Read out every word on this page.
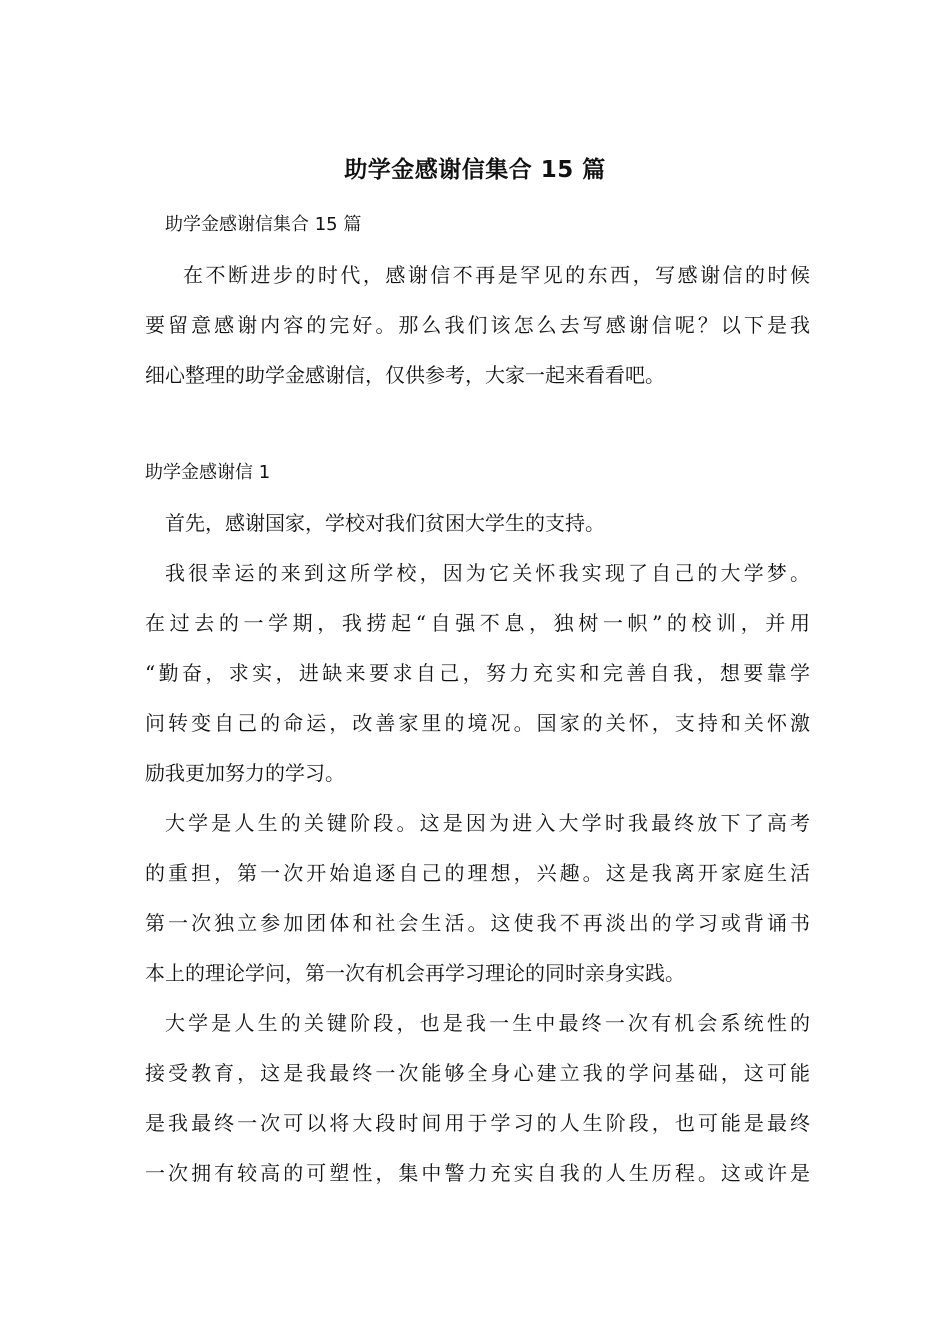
助学金感谢信集合 15 篇
助学金感谢信集合 15 篇
在不断进步的时代，感谢信不再是罕见的东西，写感谢信的时候
要留意感谢内容的完好。那么我们该怎么去写感谢信呢？以下是我
细心整理的助学金感谢信，仅供参考，大家一起来看看吧。
助学金感谢信 1
首先，感谢国家，学校对我们贫困大学生的支持。
我很幸运的来到这所学校，因为它关怀我实现了自己的大学梦。
在过去的一学期，我捞起“自强不息，独树一帜”的校训，并用
“勤奋，求实，进缺来要求自己，努力充实和完善自我，想要靠学
问转变自己的命运，改善家里的境况。国家的关怀，支持和关怀激
励我更加努力的学习。
大学是人生的关键阶段。这是因为进入大学时我最终放下了高考
的重担，第一次开始追逐自己的理想，兴趣。这是我离开家庭生活
第一次独立参加团体和社会生活。这使我不再淡出的学习或背诵书
本上的理论学问，第一次有机会再学习理论的同时亲身实践。
大学是人生的关键阶段，也是我一生中最终一次有机会系统性的
接受教育，这是我最终一次能够全身心建立我的学问基础，这可能
是我最终一次可以将大段时间用于学习的人生阶段，也可能是最终
一次拥有较高的可塑性，集中警力充实自我的人生历程。这或许是
